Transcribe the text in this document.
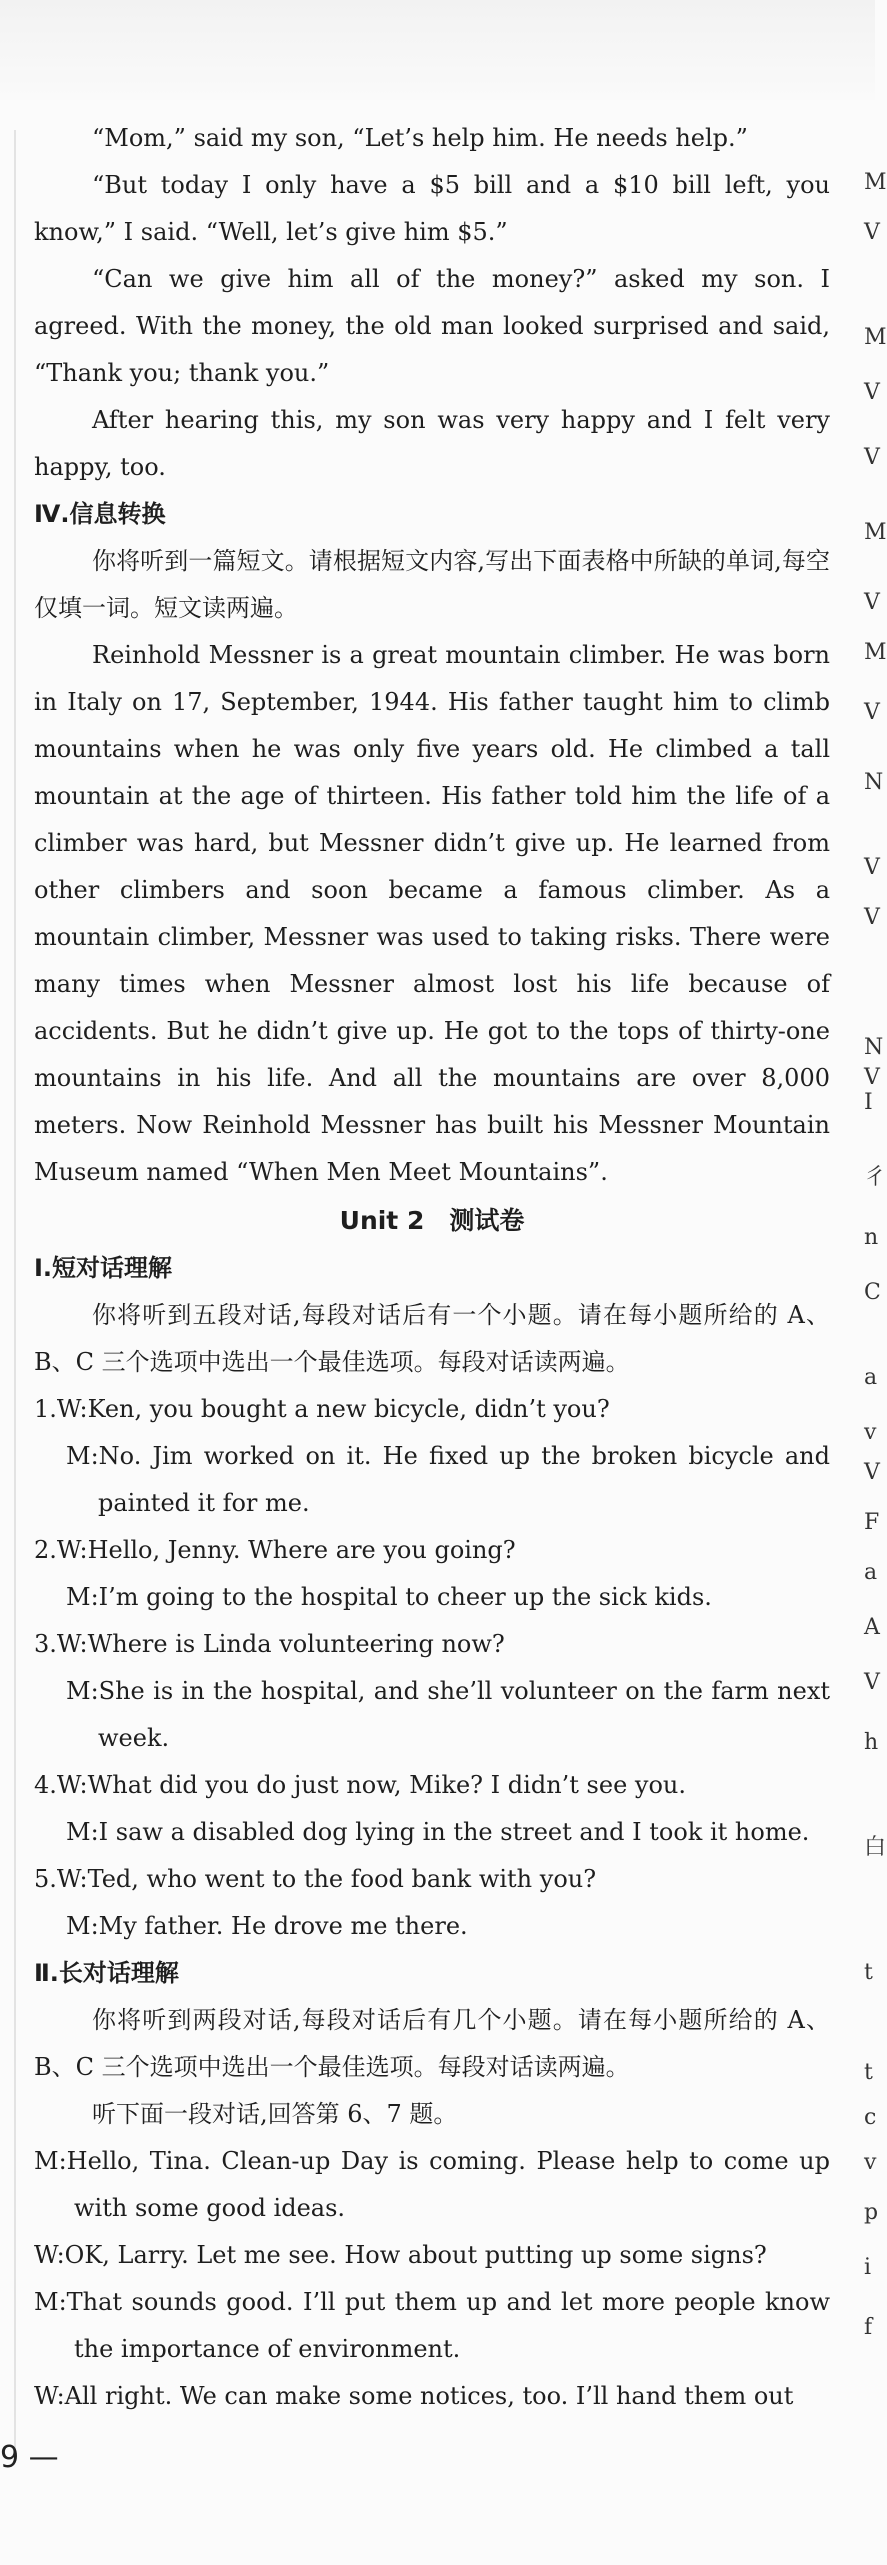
M
V
M
V
V
M
V
M
V
N
V
V
N
V
I
彳
n
C
a
v
V
F
a
A
V
h
白
t
t
c
v
p
i
f

“Mom,” said my son, “Let’s help him. He needs help.”

“But today I only have a $5 bill and a $10 bill left, you know,” I said. “Well, let’s give him $5.”

“Can we give him all of the money?” asked my son. I agreed. With the money, the old man looked surprised and said, “Thank you; thank you.”

After hearing this, my son was very happy and I felt very happy, too.

Ⅳ.信息转换

你将听到一篇短文。请根据短文内容,写出下面表格中所缺的单词,每空仅填一词。短文读两遍。

Reinhold Messner is a great mountain climber. He was born in Italy on 17, September, 1944. His father taught him to climb mountains when he was only five years old. He climbed a tall mountain at the age of thirteen. His father told him the life of a climber was hard, but Messner didn’t give up. He learned from other climbers and soon became a famous climber. As a mountain climber, Messner was used to taking risks. There were many times when Messner almost lost his life because of accidents. But he didn’t give up. He got to the tops of thirty-one mountains in his life. And all the mountains are over 8,000 meters. Now Reinhold Messner has built his Messner Mountain Museum named “When Men Meet Mountains”.

Unit 2　测试卷

Ⅰ.短对话理解

你将听到五段对话,每段对话后有一个小题。请在每小题所给的 A、B、C 三个选项中选出一个最佳选项。每段对话读两遍。

1.W:Ken, you bought a new bicycle, didn’t you?

M:No. Jim worked on it. He fixed up the broken bicycle and painted it for me.

2.W:Hello, Jenny. Where are you going?

M:I’m going to the hospital to cheer up the sick kids.

3.W:Where is Linda volunteering now?

M:She is in the hospital, and she’ll volunteer on the farm next week.

4.W:What did you do just now, Mike? I didn’t see you.

M:I saw a disabled dog lying in the street and I took it home.

5.W:Ted, who went to the food bank with you?

M:My father. He drove me there.

Ⅱ.长对话理解

你将听到两段对话,每段对话后有几个小题。请在每小题所给的 A、B、C 三个选项中选出一个最佳选项。每段对话读两遍。

听下面一段对话,回答第 6、7 题。

M:Hello, Tina. Clean-up Day is coming. Please help to come up with some good ideas.

W:OK, Larry. Let me see. How about putting up some signs?

M:That sounds good. I’ll put them up and let more people know the importance of environment.

W:All right. We can make some notices, too. I’ll hand them out

9 —
